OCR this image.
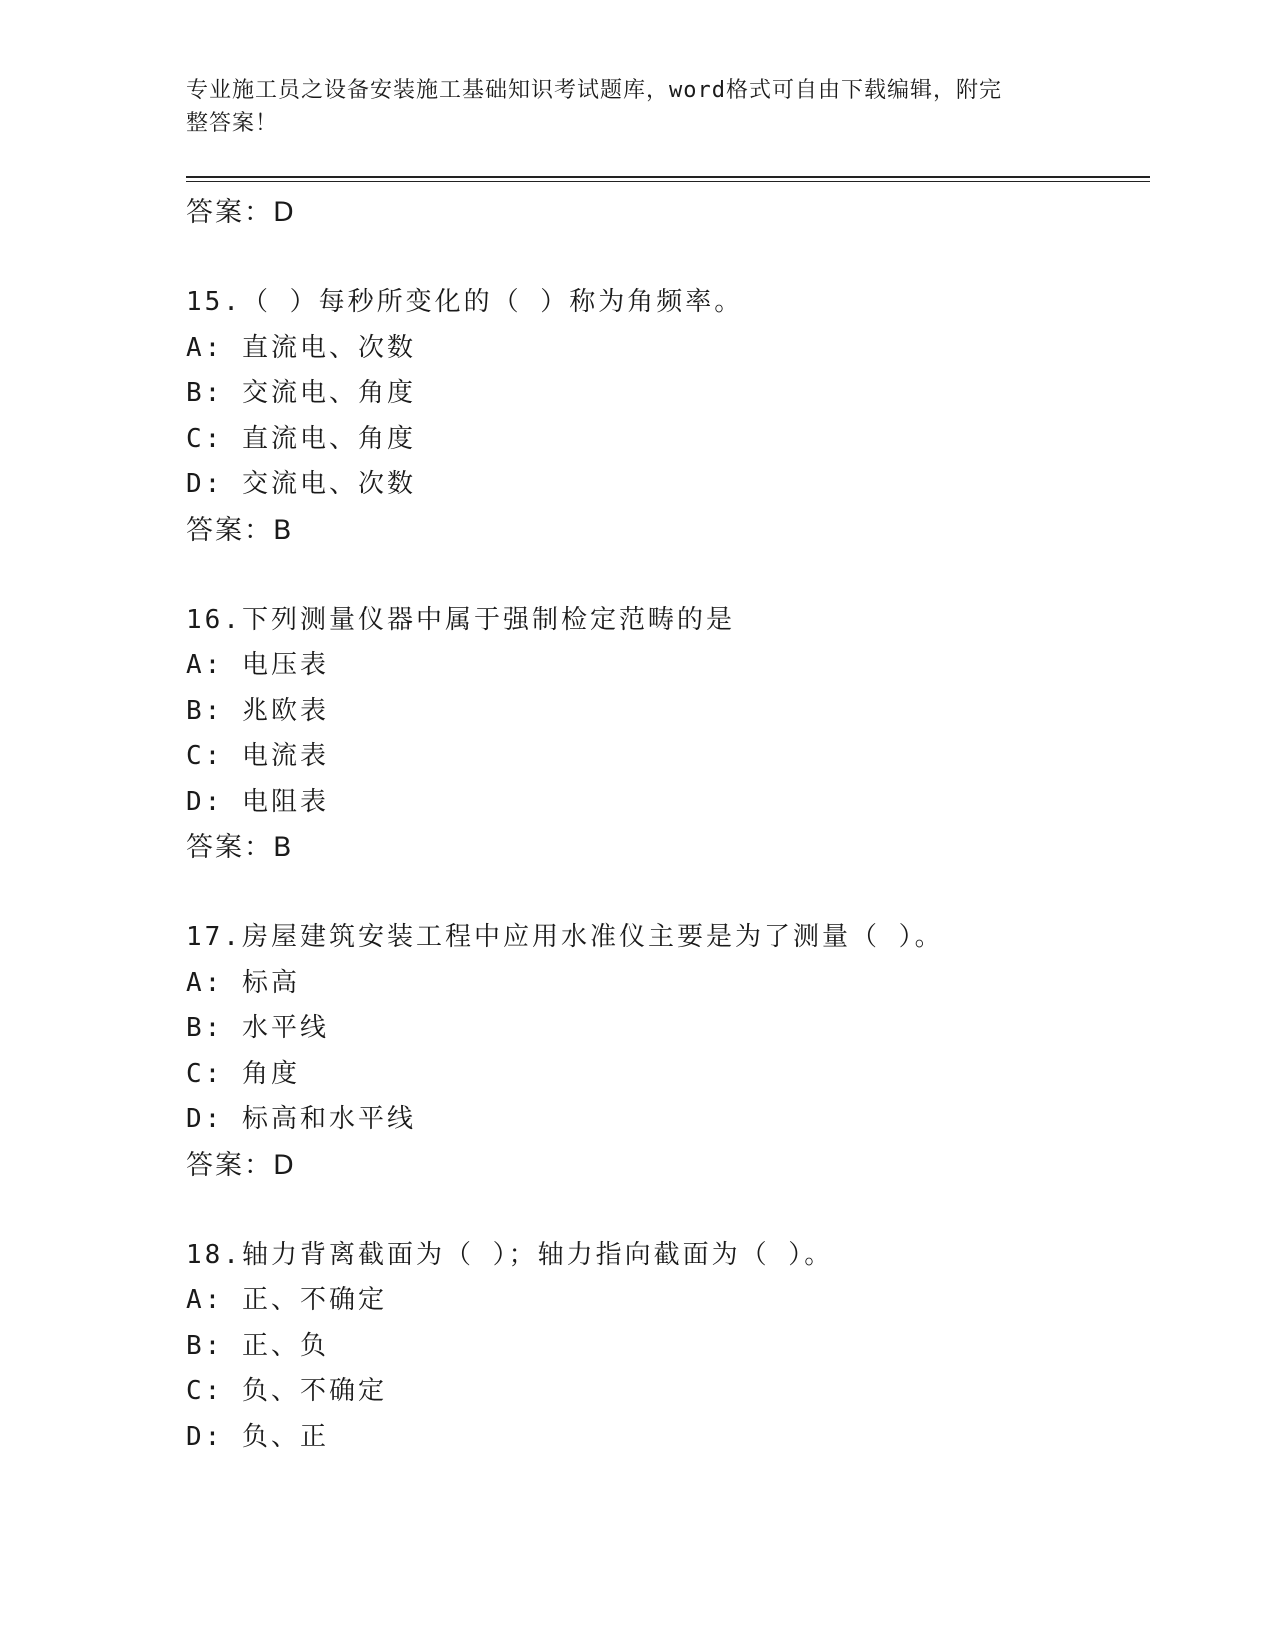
专业施工员之设备安装施工基础知识考试题库，word格式可自由下载编辑，附完
整答案！
答案：D
15.（ ）每秒所变化的（ ）称为角频率。
A: 直流电、次数
B: 交流电、角度
C: 直流电、角度
D: 交流电、次数
答案：B
16.下列测量仪器中属于强制检定范畴的是
A: 电压表
B: 兆欧表
C: 电流表
D: 电阻表
答案：B
17.房屋建筑安装工程中应用水准仪主要是为了测量（ ）。
A: 标高
B: 水平线
C: 角度
D: 标高和水平线
答案：D
18.轴力背离截面为（ ）；轴力指向截面为（ ）。
A: 正、不确定
B: 正、负
C: 负、不确定
D: 负、正
